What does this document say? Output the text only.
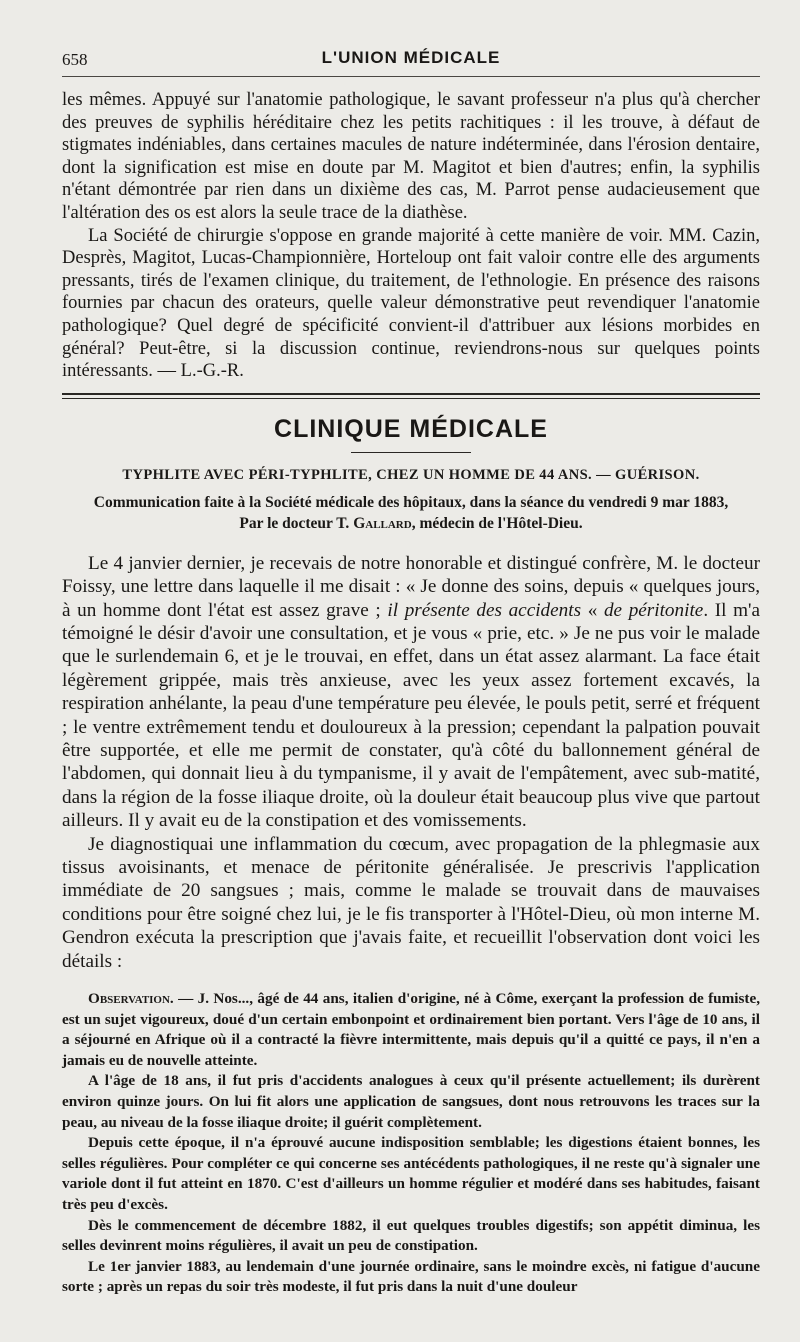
658	L'UNION MÉDICALE

les mêmes. Appuyé sur l'anatomie pathologique, le savant professeur n'a plus qu'à chercher des preuves de syphilis héréditaire chez les petits rachitiques : il les trouve, à défaut de stigmates indéniables, dans certaines macules de nature indéterminée, dans l'érosion dentaire, dont la signification est mise en doute par M. Magitot et bien d'autres; enfin, la syphilis n'étant démontrée par rien dans un dixième des cas, M. Parrot pense audacieusement que l'altération des os est alors la seule trace de la diathèse.

La Société de chirurgie s'oppose en grande majorité à cette manière de voir. MM. Cazin, Desprès, Magitot, Lucas-Championnière, Horteloup ont fait valoir contre elle des arguments pressants, tirés de l'examen clinique, du traitement, de l'ethnologie. En présence des raisons fournies par chacun des orateurs, quelle valeur démonstrative peut revendiquer l'anatomie pathologique? Quel degré de spécificité convient-il d'attribuer aux lésions morbides en général? Peut-être, si la discussion continue, reviendrons-nous sur quelques points intéressants. — L.-G.-R.

CLINIQUE MÉDICALE
TYPHLITE AVEC PÉRI-TYPHLITE, CHEZ UN HOMME DE 44 ANS. — GUÉRISON.
Communication faite à la Société médicale des hôpitaux, dans la séance du vendredi 9 mar 1883,
Par le docteur T. Gallard, médecin de l'Hôtel-Dieu.

Le 4 janvier dernier, je recevais de notre honorable et distingué confrère, M. le docteur Foissy, une lettre dans laquelle il me disait : « Je donne des soins, depuis « quelques jours, à un homme dont l'état est assez grave ; il présente des accidents « de péritonite. Il m'a témoigné le désir d'avoir une consultation, et je vous « prie, etc. » Je ne pus voir le malade que le surlendemain 6, et je le trouvai, en effet, dans un état assez alarmant. La face était légèrement grippée, mais très anxieuse, avec les yeux assez fortement excavés, la respiration anhélante, la peau d'une température peu élevée, le pouls petit, serré et fréquent ; le ventre extrêmement tendu et douloureux à la pression; cependant la palpation pouvait être supportée, et elle me permit de constater, qu'à côté du ballonnement général de l'abdomen, qui donnait lieu à du tympanisme, il y avait de l'empâtement, avec sub-matité, dans la région de la fosse iliaque droite, où la douleur était beaucoup plus vive que partout ailleurs. Il y avait eu de la constipation et des vomissements.

Je diagnostiquai une inflammation du cœcum, avec propagation de la phlegmasie aux tissus avoisinants, et menace de péritonite généralisée. Je prescrivis l'application immédiate de 20 sangsues ; mais, comme le malade se trouvait dans de mauvaises conditions pour être soigné chez lui, je le fis transporter à l'Hôtel-Dieu, où mon interne M. Gendron exécuta la prescription que j'avais faite, et recueillit l'observation dont voici les détails :

Observation. — J. Nos..., âgé de 44 ans, italien d'origine, né à Côme, exerçant la profession de fumiste, est un sujet vigoureux, doué d'un certain embonpoint et ordinairement bien portant. Vers l'âge de 10 ans, il a séjourné en Afrique où il a contracté la fièvre intermittente, mais depuis qu'il a quitté ce pays, il n'en a jamais eu de nouvelle atteinte.

A l'âge de 18 ans, il fut pris d'accidents analogues à ceux qu'il présente actuellement; ils durèrent environ quinze jours. On lui fit alors une application de sangsues, dont nous retrouvons les traces sur la peau, au niveau de la fosse iliaque droite; il guérit complètement.

Depuis cette époque, il n'a éprouvé aucune indisposition semblable; les digestions étaient bonnes, les selles régulières. Pour compléter ce qui concerne ses antécédents pathologiques, il ne reste qu'à signaler une variole dont il fut atteint en 1870. C'est d'ailleurs un homme régulier et modéré dans ses habitudes, faisant très peu d'excès.

Dès le commencement de décembre 1882, il eut quelques troubles digestifs; son appétit diminua, les selles devinrent moins régulières, il avait un peu de constipation.

Le 1er janvier 1883, au lendemain d'une journée ordinaire, sans le moindre excès, ni fatigue d'aucune sorte ; après un repas du soir très modeste, il fut pris dans la nuit d'une douleur
